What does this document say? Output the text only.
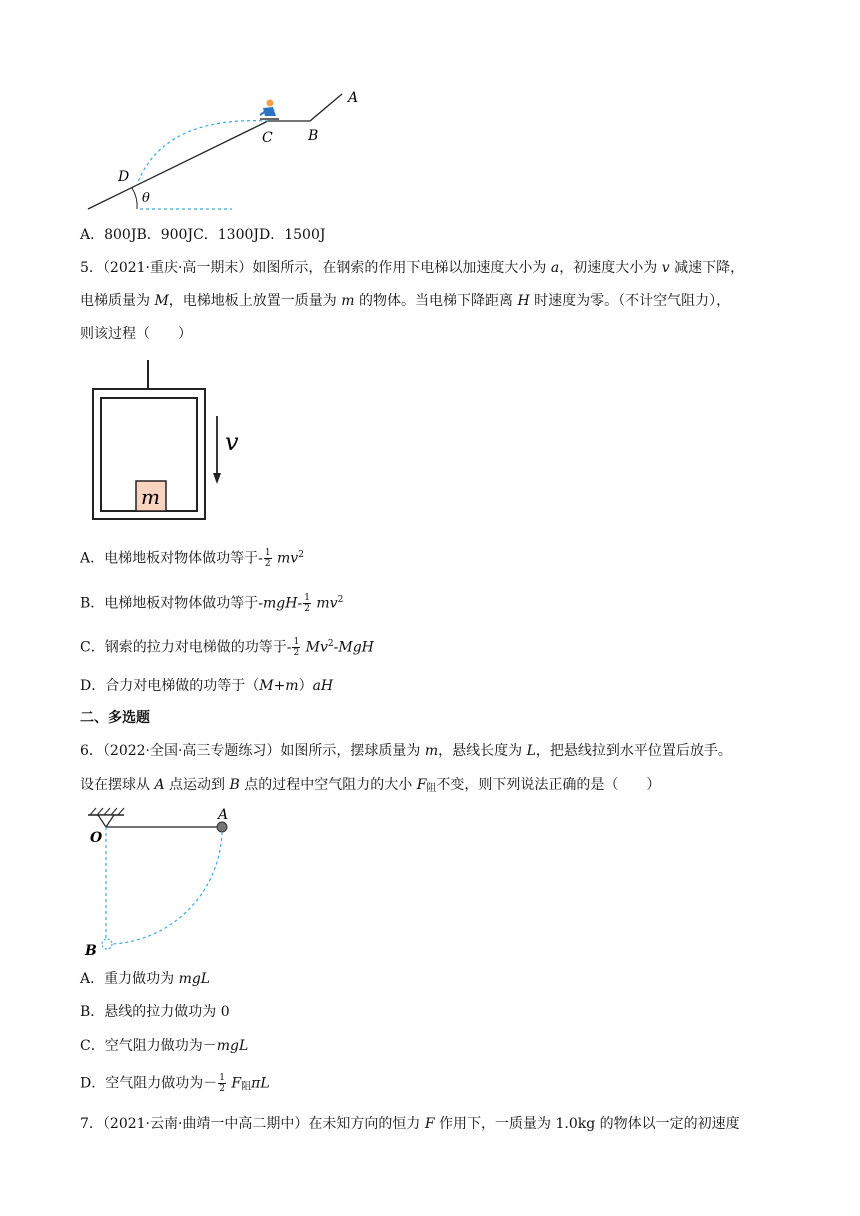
A
B
C
D
θ
A．800JB．900JC．1300JD．1500J
5．（2021·重庆·高一期末）如图所示，在钢索的作用下电梯以加速度大小为 a，初速度大小为 v 减速下降，
电梯质量为 M，电梯地板上放置一质量为 m 的物体。当电梯下降距离 H 时速度为零。（不计空气阻力），
则该过程（　　）
m
v
A．电梯地板对物体做功等于- $\frac{1}{2} mv^2$
B．电梯地板对物体做功等于$-mgH- \frac{1}{2} mv^2$
C．钢索的拉力对电梯做的功等于- $\frac{1}{2} Mv^2-MgH$
D．合力对电梯做的功等于（M+m）aH
二、多选题
6．（2022·全国·高三专题练习）如图所示，摆球质量为 m，悬线长度为 L，把悬线拉到水平位置后放手。
设在摆球从 A 点运动到 B 点的过程中空气阻力的大小 $F_阻$不变，则下列说法正确的是（　　）
O
A
B
A．重力做功为 mgL
B．悬线的拉力做功为 0
C．空气阻力做功为－mgL
D．空气阻力做功为－ $\frac{1}{2} F_阻\pi L$
7．（2021·云南·曲靖一中高二期中）在未知方向的恒力 F 作用下，一质量为 1.0kg 的物体以一定的初速度
